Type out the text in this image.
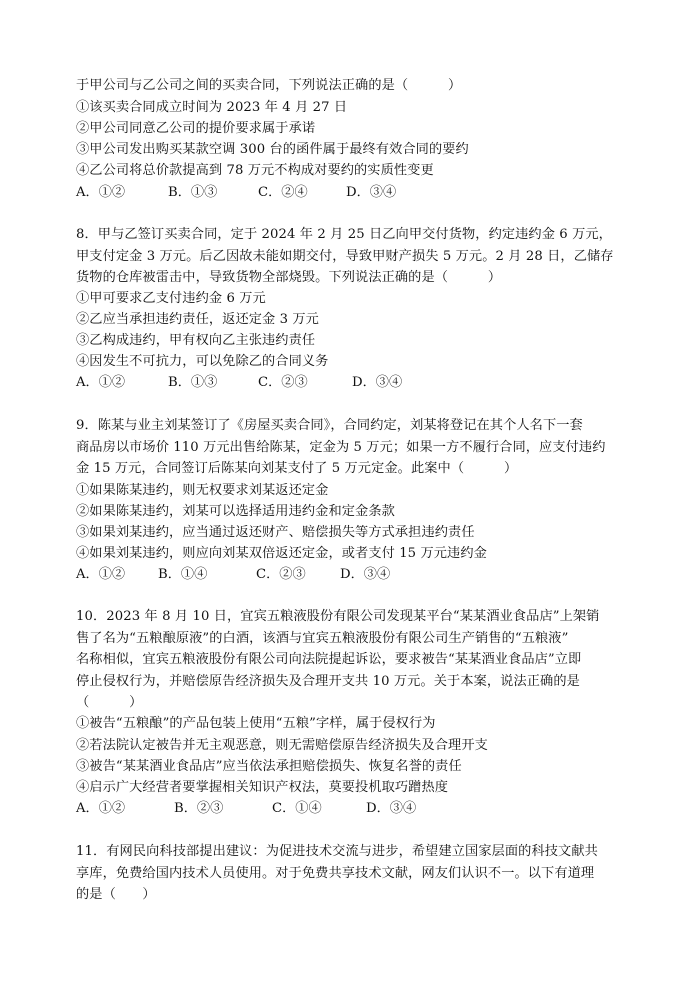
于甲公司与乙公司之间的买卖合同，下列说法正确的是（　　　）
①该买卖合同成立时间为 2023 年 4 月 27 日
②甲公司同意乙公司的提价要求属于承诺
③甲公司发出购买某款空调 300 台的函件属于最终有效合同的要约
④乙公司将总价款提高到 78 万元不构成对要约的实质性变更
A．①②	B．①③	C．②④	D．③④
8．甲与乙签订买卖合同，定于 2024 年 2 月 25 日乙向甲交付货物，约定违约金 6 万元，
甲支付定金 3 万元。后乙因故未能如期交付，导致甲财产损失 5 万元。2 月 28 日，乙储存
货物的仓库被雷击中，导致货物全部烧毁。下列说法正确的是（　　　）
①甲可要求乙支付违约金 6 万元
②乙应当承担违约责任，返还定金 3 万元
③乙构成违约，甲有权向乙主张违约责任
④因发生不可抗力，可以免除乙的合同义务
A．①②	B．①③	C．②③	D．③④
9．陈某与业主刘某签订了《房屋买卖合同》，合同约定，刘某将登记在其个人名下一套
商品房以市场价 110 万元出售给陈某，定金为 5 万元；如果一方不履行合同，应支付违约
金 15 万元，合同签订后陈某向刘某支付了 5 万元定金。此案中（　　　）
①如果陈某违约，则无权要求刘某返还定金
②如果陈某违约，刘某可以选择适用违约金和定金条款
③如果刘某违约，应当通过返还财产、赔偿损失等方式承担违约责任
④如果刘某违约，则应向刘某双倍返还定金，或者支付 15 万元违约金
A．①② B．①④	C．②③	D．③④
10．2023 年 8 月 10 日，宜宾五粮液股份有限公司发现某平台“某某酒业食品店”上架销
售了名为“五粮酿原液”的白酒，该酒与宜宾五粮液股份有限公司生产销售的“五粮液”
名称相似，宜宾五粮液股份有限公司向法院提起诉讼，要求被告“某某酒业食品店”立即
停止侵权行为，并赔偿原告经济损失及合理开支共 10 万元。关于本案，说法正确的是
（　　　）
①被告“五粮酿”的产品包装上使用“五粮”字样，属于侵权行为
②若法院认定被告并无主观恶意，则无需赔偿原告经济损失及合理开支
③被告“某某酒业食品店”应当依法承担赔偿损失、恢复名誉的责任
④启示广大经营者要掌握相关知识产权法，莫要投机取巧蹭热度
A．①②	B．②③	C．①④	D．③④
11．有网民向科技部提出建议：为促进技术交流与进步，希望建立国家层面的科技文献共
享库，免费给国内技术人员使用。对于免费共享技术文献，网友们认识不一。以下有道理
的是（　　）
